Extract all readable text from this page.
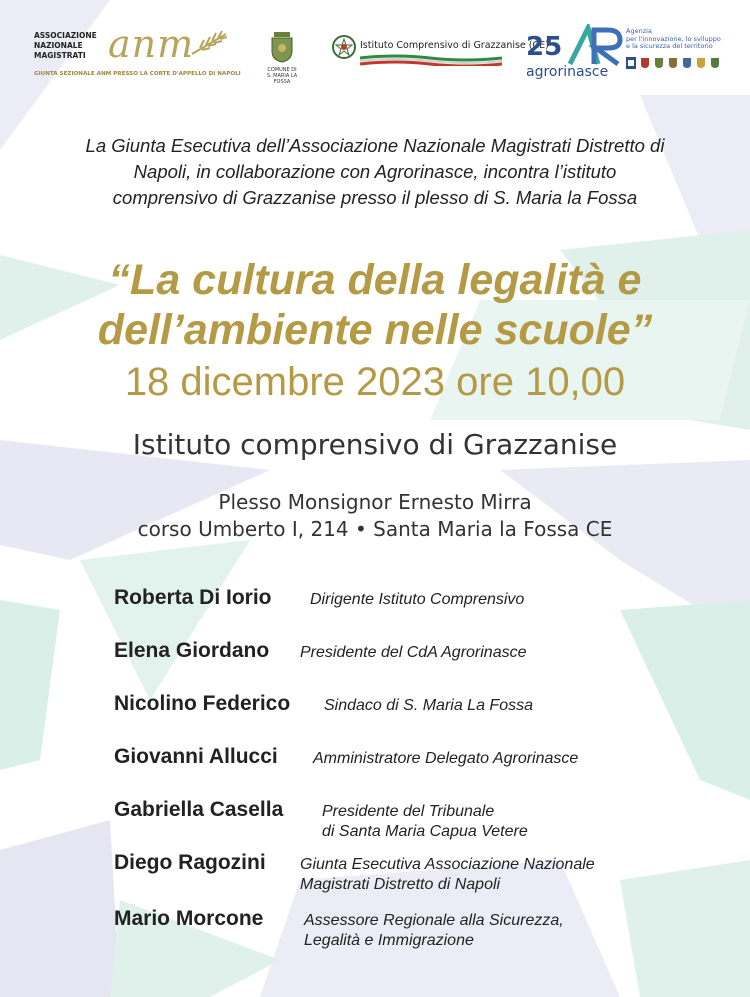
ASSOCIAZIONE
NAZIONALE
MAGISTRATI anm
GIUNTA SEZIONALE ANM PRESSO LA CORTE D'APPELLO DI NAPOLI
COMUNE DI
S. MARIA LA FOSSA
Istituto Comprensivo di Grazzanise (CE)
25
agrorinasce
Agenzia
per l'innovazione, lo sviluppo
e la sicurezza del territorio
La Giunta Esecutiva dell’Associazione Nazionale Magistrati Distretto di
Napoli, in collaborazione con Agrorinasce, incontra l’istituto
comprensivo di Grazzanise presso il plesso di S. Maria la Fossa
“La cultura della legalità e
dell’ambiente nelle scuole”
18 dicembre 2023 ore 10,00
Istituto comprensivo di Grazzanise
Plesso Monsignor Ernesto Mirra
corso Umberto I, 214 • Santa Maria la Fossa CE
Roberta Di Iorio Dirigente Istituto Comprensivo
Elena Giordano Presidente del CdA Agrorinasce
Nicolino Federico Sindaco di S. Maria La Fossa
Giovanni Allucci Amministratore Delegato Agrorinasce
Gabriella Casella Presidente del Tribunale
di Santa Maria Capua Vetere
Diego Ragozini Giunta Esecutiva Associazione Nazionale
Magistrati Distretto di Napoli
Mario Morcone	Assessore Regionale alla Sicurezza,
Legalità e Immigrazione
